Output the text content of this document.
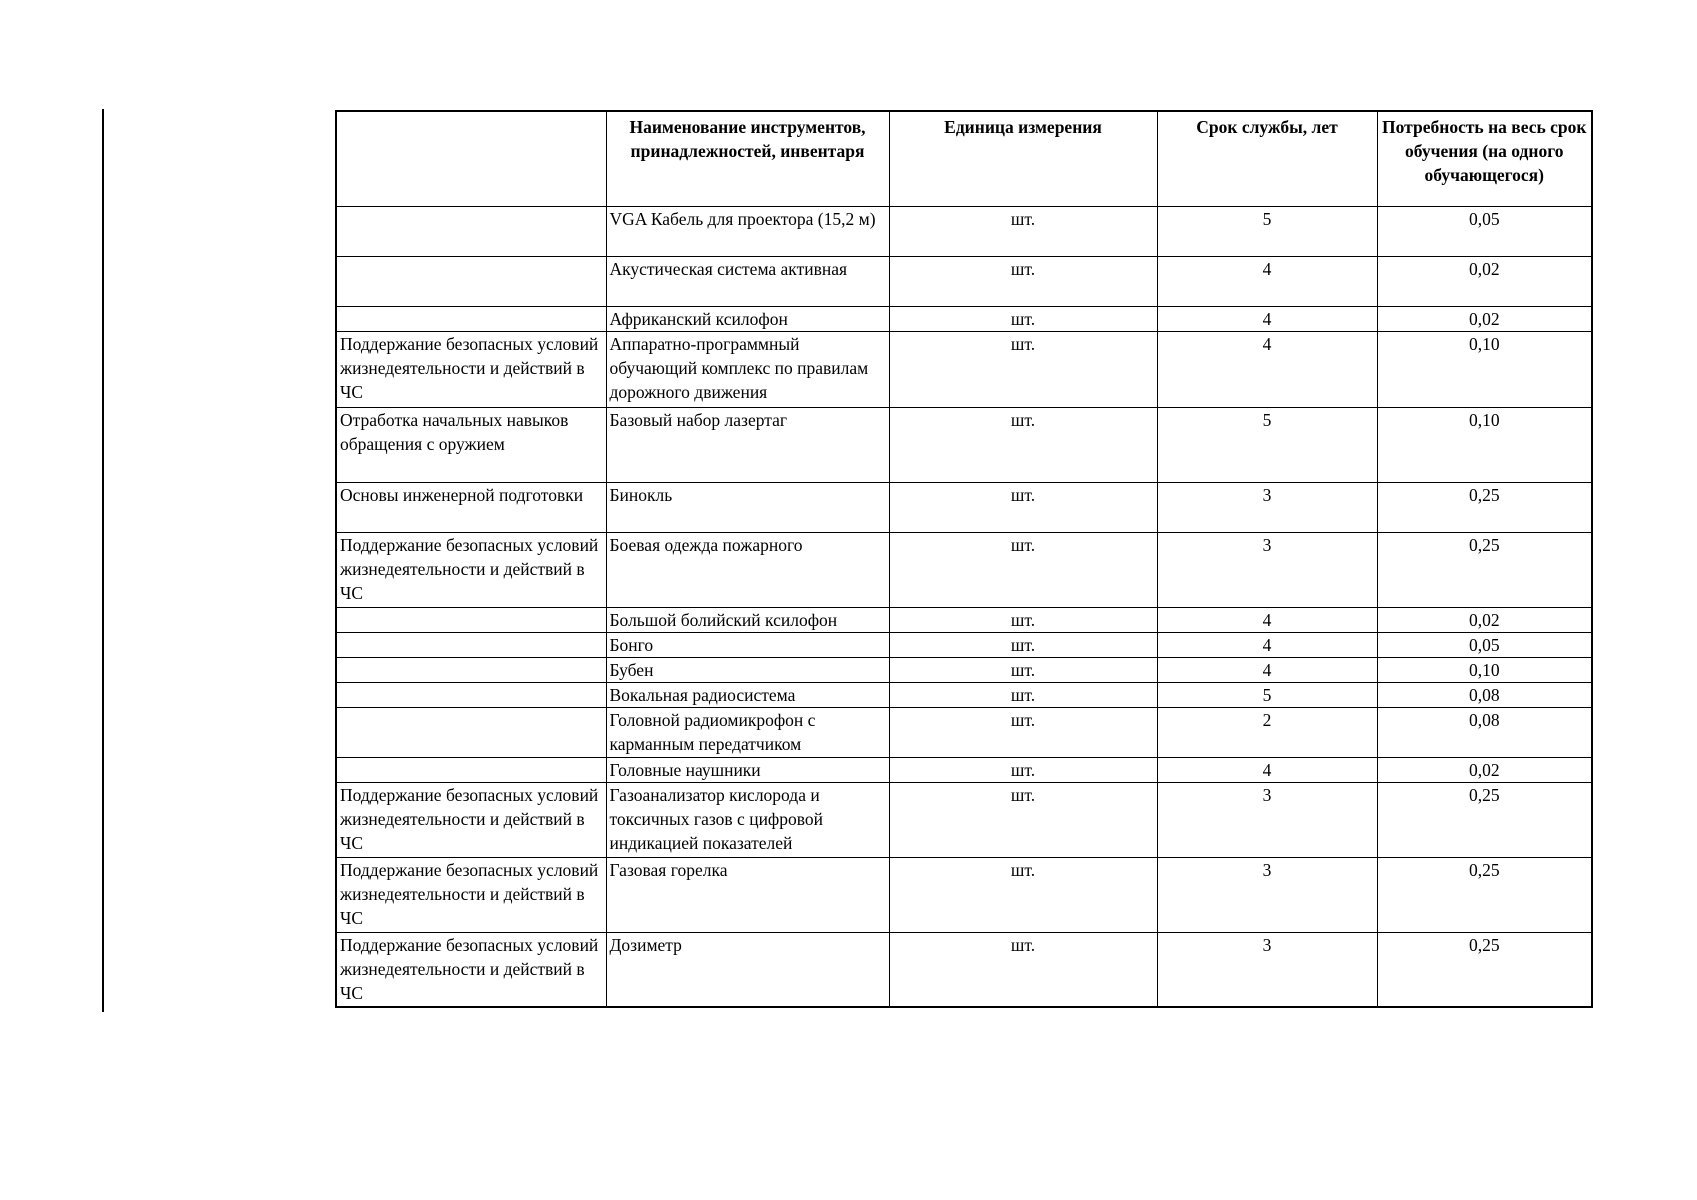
	Наименование инструментов, принадлежностей, инвентаря	Единица измерения	Срок службы, лет	Потребность на весь срок обучения (на одного обучающегося)
	VGA Кабель для проектора (15,2 м)	шт.	5	0,05
	Акустическая система активная	шт.	4	0,02
	Африканский ксилофон	шт.	4	0,02
Поддержание безопасных условий жизнедеятельности и действий в ЧС	Аппаратно-программный обучающий комплекс по правилам дорожного движения	шт.	4	0,10
Отработка начальных навыков обращения с оружием	Базовый набор лазертаг	шт.	5	0,10
Основы инженерной подготовки	Бинокль	шт.	3	0,25
Поддержание безопасных условий жизнедеятельности и действий в ЧС	Боевая одежда пожарного	шт.	3	0,25
	Большой болийский ксилофон	шт.	4	0,02
	Бонго	шт.	4	0,05
	Бубен	шт.	4	0,10
	Вокальная радиосистема	шт.	5	0,08
	Головной радиомикрофон с карманным передатчиком	шт.	2	0,08
	Головные наушники	шт.	4	0,02
Поддержание безопасных условий жизнедеятельности и действий в ЧС	Газоанализатор кислорода и токсичных газов с цифровой индикацией показателей	шт.	3	0,25
Поддержание безопасных условий жизнедеятельности и действий в ЧС	Газовая горелка	шт.	3	0,25
Поддержание безопасных условий жизнедеятельности и действий в ЧС	Дозиметр	шт.	3	0,25
